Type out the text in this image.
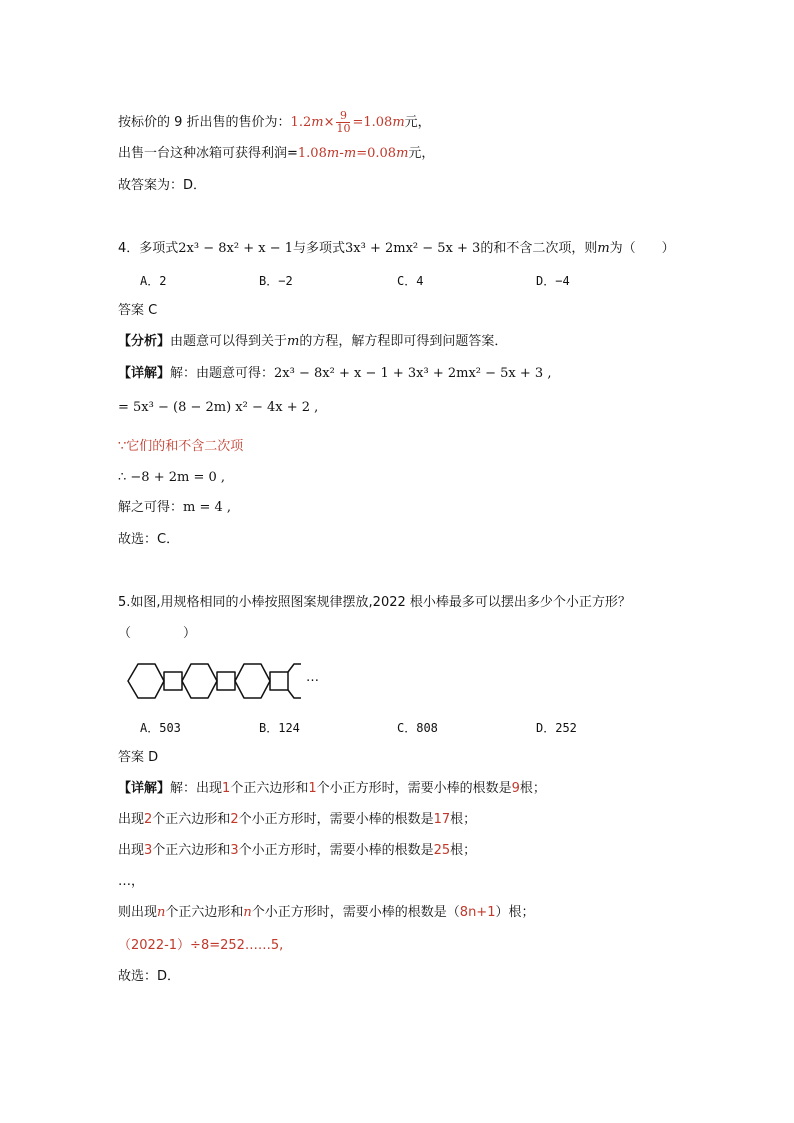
按标价的 9 折出售的售价为：$1.2m\times \frac{9}{10} =1.08m$元，
出售一台这种冰箱可获得利润=1.08m-m=0.08m元，
故答案为：D．
4．多项式2x³ − 8x² + x − 1与多项式3x³ + 2mx² − 5x + 3的和不含二次项，则m为（　　）
A．2	B．−2	C．4	D．−4
答案 C
【分析】由题意可以得到关于m的方程，解方程即可得到问题答案．
【详解】解：由题意可得：2x³ − 8x² + x − 1 + 3x³ + 2mx² − 5x + 3 ,
= 5x³ − (8 − 2m) x² − 4x + 2 ,
∵它们的和不含二次项
∴ −8 + 2m = 0 ,
解之可得：m = 4 ,
故选：C．
5.如图,用规格相同的小棒按照图案规律摆放,2022 根小棒最多可以摆出多少个小正方形？
（　　　　）
…
A．503	B．124	C．808	D．252
答案 D
【详解】解：出现1个正六边形和1个小正方形时，需要小棒的根数是9根；
出现2个正六边形和2个小正方形时，需要小棒的根数是17根；
出现3个正六边形和3个小正方形时，需要小棒的根数是25根；
…，
则出现n个正六边形和n个小正方形时，需要小棒的根数是（8n+1）根；
（2022-1）÷8=252……5,
故选：D．
